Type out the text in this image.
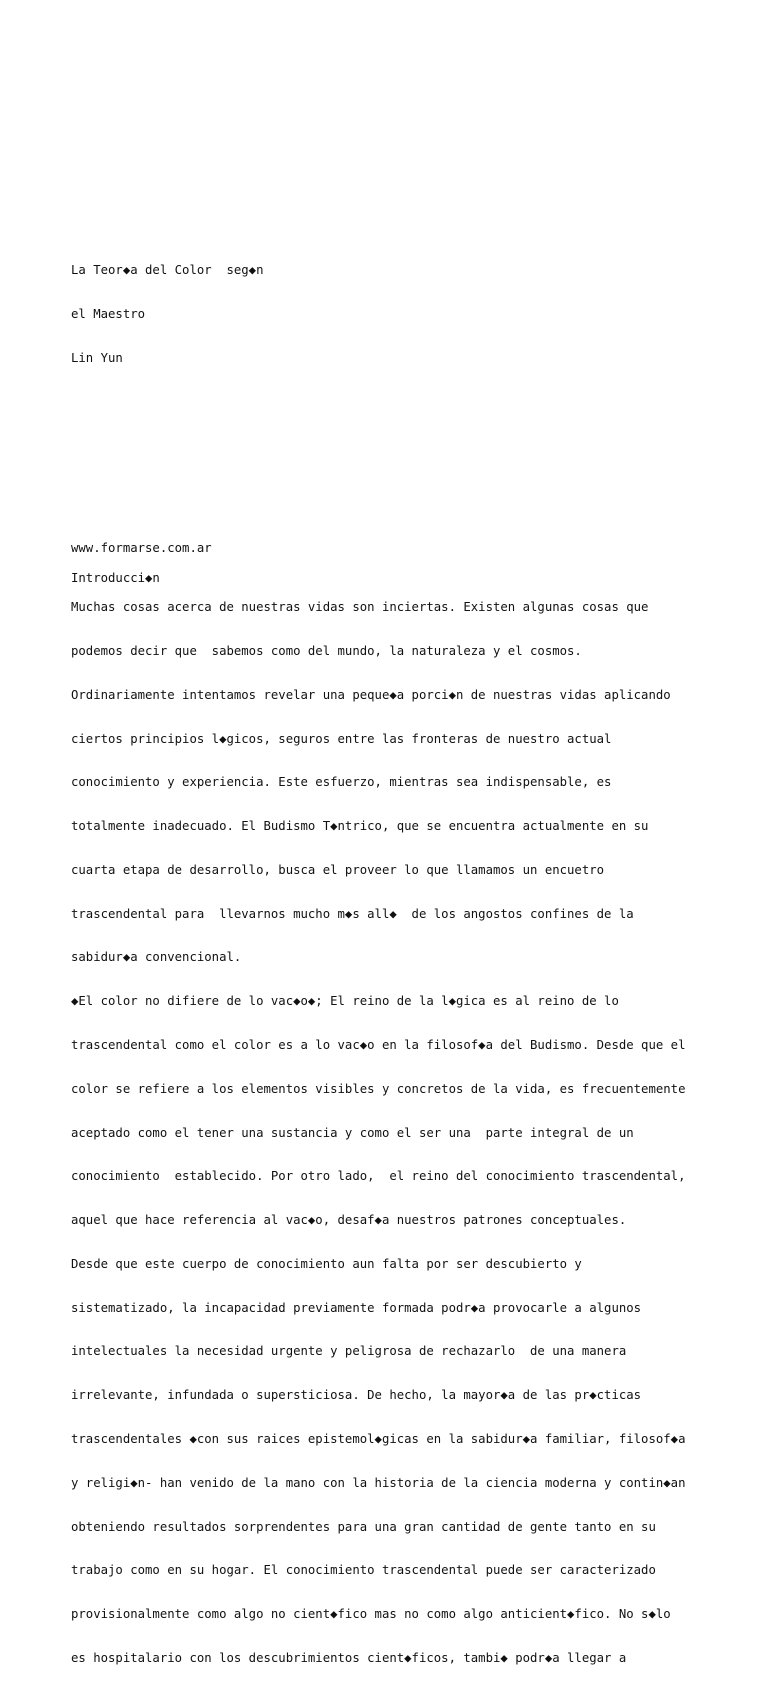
La Teor◆a del Color  seg◆n

el Maestro

Lin Yun

www.formarse.com.ar

Introducci◆n

Muchas cosas acerca de nuestras vidas son inciertas. Existen algunas cosas que

podemos decir que  sabemos como del mundo, la naturaleza y el cosmos.

Ordinariamente intentamos revelar una peque◆a porci◆n de nuestras vidas aplicando

ciertos principios l◆gicos, seguros entre las fronteras de nuestro actual

conocimiento y experiencia. Este esfuerzo, mientras sea indispensable, es

totalmente inadecuado. El Budismo T◆ntrico, que se encuentra actualmente en su

cuarta etapa de desarrollo, busca el proveer lo que llamamos un encuetro

trascendental para  llevarnos mucho m◆s all◆  de los angostos confines de la

sabidur◆a convencional.

◆El color no difiere de lo vac◆o◆; El reino de la l◆gica es al reino de lo

trascendental como el color es a lo vac◆o en la filosof◆a del Budismo. Desde que el

color se refiere a los elementos visibles y concretos de la vida, es frecuentemente

aceptado como el tener una sustancia y como el ser una  parte integral de un

conocimiento  establecido. Por otro lado,  el reino del conocimiento trascendental,

aquel que hace referencia al vac◆o, desaf◆a nuestros patrones conceptuales.

Desde que este cuerpo de conocimiento aun falta por ser descubierto y

sistematizado, la incapacidad previamente formada podr◆a provocarle a algunos

intelectuales la necesidad urgente y peligrosa de rechazarlo  de una manera

irrelevante, infundada o supersticiosa. De hecho, la mayor◆a de las pr◆cticas

trascendentales ◆con sus raices epistemol◆gicas en la sabidur◆a familiar, filosof◆a

y religi◆n- han venido de la mano con la historia de la ciencia moderna y contin◆an

obteniendo resultados sorprendentes para una gran cantidad de gente tanto en su

trabajo como en su hogar. El conocimiento trascendental puede ser caracterizado

provisionalmente como algo no cient◆fico mas no como algo anticient◆fico. No s◆lo

es hospitalario con los descubrimientos cient◆ficos, tambi◆ podr◆a llegar a
